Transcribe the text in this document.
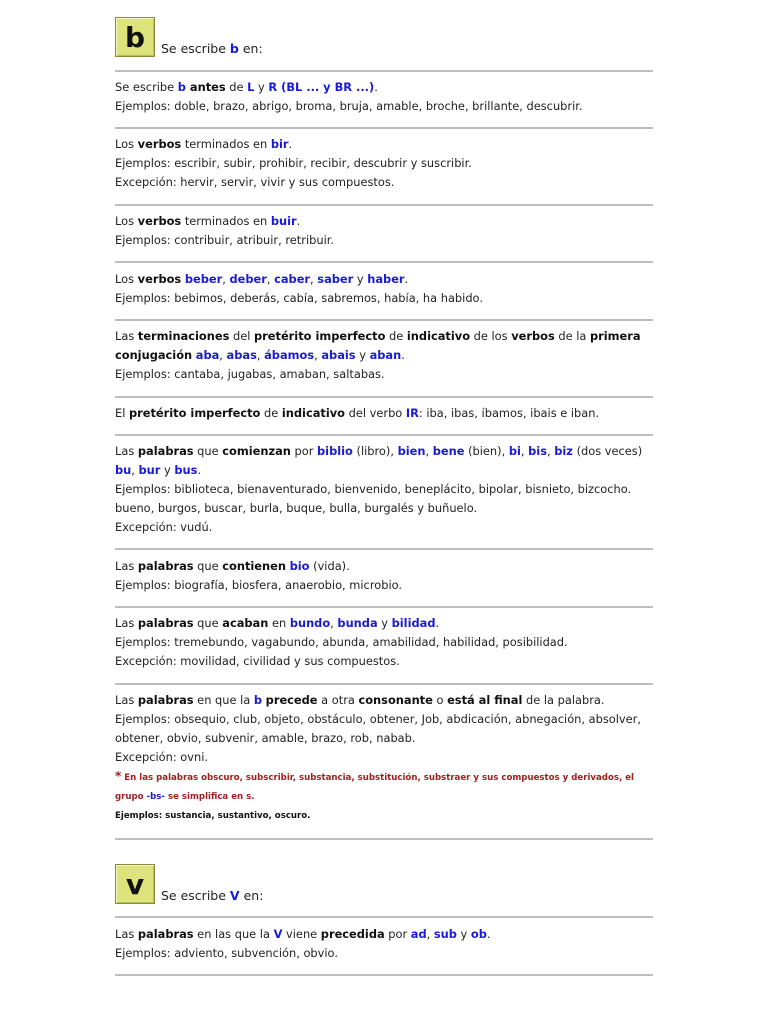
b	Se escribe b en:

Se escribe b antes de L y R (BL ... y BR ...).

Ejemplos: doble, brazo, abrigo, broma, bruja, amable, broche, brillante, descubrir.

Los verbos terminados en bir.

Ejemplos: escribir, subir, prohibir, recibir, descubrir y suscribir.

Excepción: hervir, servir, vivir y sus compuestos.

Los verbos terminados en buir.

Ejemplos: contribuir, atribuir, retribuir.

Los verbos beber, deber, caber, saber y haber.

Ejemplos: bebimos, deberás, cabía, sabremos, había, ha habido.

Las terminaciones del pretérito imperfecto de indicativo de los verbos de la primera

conjugación aba, abas, ábamos, abais y aban.

Ejemplos: cantaba, jugabas, amaban, saltabas.

El pretérito imperfecto de indicativo del verbo IR: iba, ibas, íbamos, ibais e iban.

Las palabras que comienzan por biblio (libro), bien, bene (bien), bi, bis, biz (dos veces)

bu, bur y bus.

Ejemplos: biblioteca, bienaventurado, bienvenido, beneplácito, bipolar, bisnieto, bizcocho.

bueno, burgos, buscar, burla, buque, bulla, burgalés y buñuelo.

Excepción: vudú.

Las palabras que contienen bio (vida).

Ejemplos: biografía, biosfera, anaerobio, microbio.

Las palabras que acaban en bundo, bunda y bilidad.

Ejemplos: tremebundo, vagabundo, abunda, amabilidad, habilidad, posibilidad.

Excepción: movilidad, civilidad y sus compuestos.

Las palabras en que la b precede a otra consonante o está al final de la palabra.

Ejemplos: obsequio, club, objeto, obstáculo, obtener, Job, abdicación, abnegación, absolver,

obtener, obvio, subvenir, amable, brazo, rob, nabab.

Excepción: ovni.

* En las palabras obscuro, subscribir, substancia, substitución, substraer y sus compuestos y derivados, el

grupo -bs- se simplifica en s.

Ejemplos: sustancia, sustantivo, oscuro.

v	Se escribe V en:

Las palabras en las que la V viene precedida por ad, sub y ob.

Ejemplos: adviento, subvención, obvio.
